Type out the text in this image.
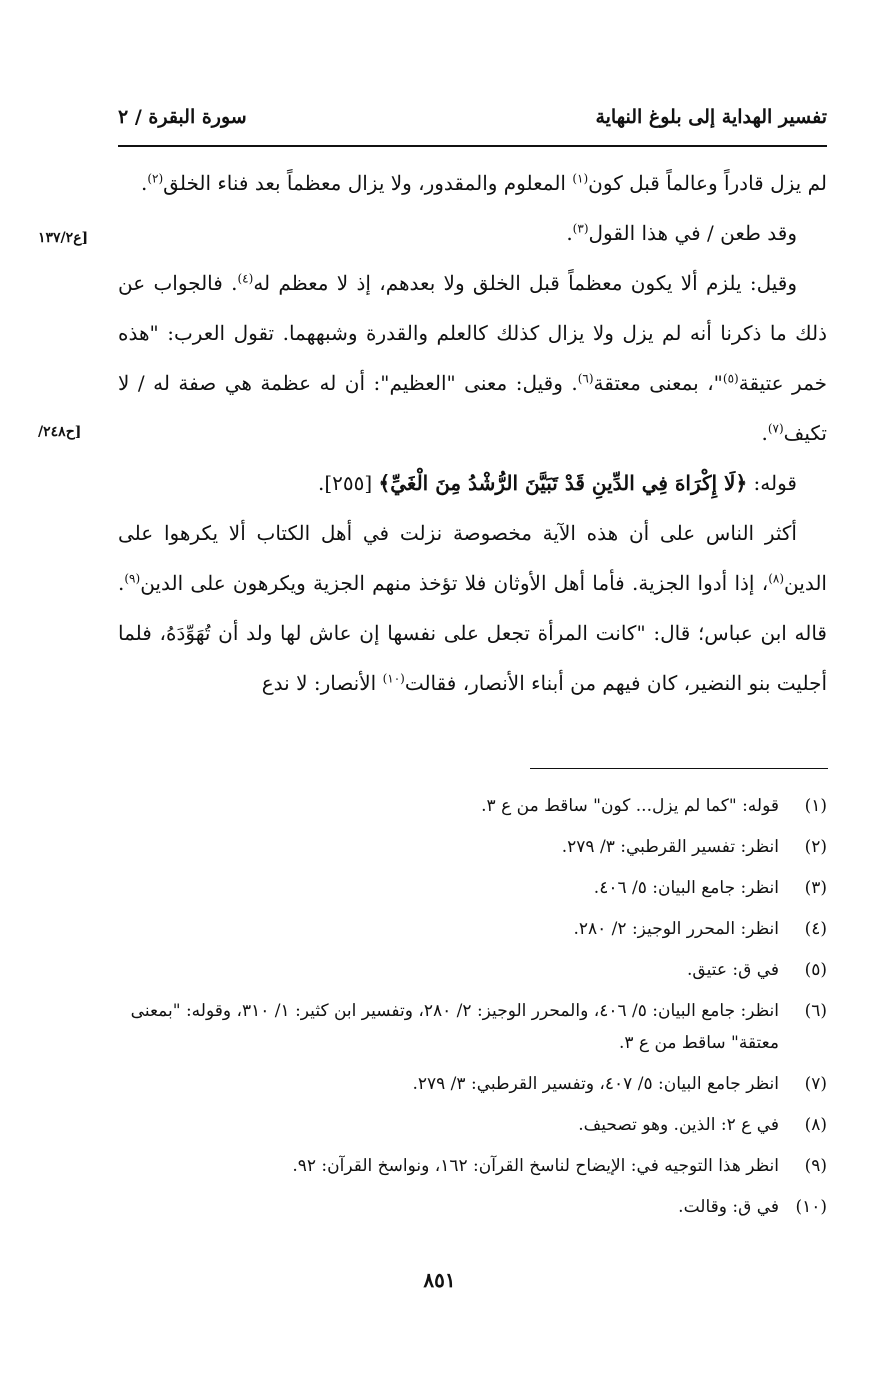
تفسير الهداية إلى بلوغ النهاية
سورة البقرة / ٢
[ع١٣٧/٢
[ح٢٤٨/

لم يزل قادراً وعالماً قبل كون$^{(١)}$ المعلوم والمقدور، ولا يزال معظماً بعد فناء الخلق$^{(٢)}$.

وقد طعن / في هذا القول$^{(٣)}$.

وقيل: يلزم ألا يكون معظماً قبل الخلق ولا بعدهم، إذ لا معظم له$^{(٤)}$. فالجواب عن ذلك ما ذكرنا أنه لم يزل ولا يزال كذلك كالعلم والقدرة وشبههما. تقول العرب: "هذه خمر عتيقة$^{(٥)}$"، بمعنى معتقة$^{(٦)}$. وقيل: معنى "العظيم": أن له عظمة هي صفة له / لا تكيف$^{(٧)}$.

قوله: ﴿لَا إِكْرَاهَ فِي الدِّينِ قَدْ تَبَيَّنَ الرُّشْدُ مِنَ الْغَيِّ﴾ [٢٥٥].

أكثر الناس على أن هذه الآية مخصوصة نزلت في أهل الكتاب ألا يكرهوا على الدين$^{(٨)}$، إذا أدوا الجزية. فأما أهل الأوثان فلا تؤخذ منهم الجزية ويكرهون على الدين$^{(٩)}$. قاله ابن عباس؛ قال: "كانت المرأة تجعل على نفسها إن عاش لها ولد أن تُهَوِّدَهُ، فلما أجليت بنو النضير، كان فيهم من أبناء الأنصار، فقالت$^{(١٠)}$ الأنصار: لا ندع

(١)
قوله: "كما لم يزل... كون" ساقط من ع ٣.
(٢)
انظر: تفسير القرطبي: ٣/ ٢٧٩.
(٣)
انظر: جامع البيان: ٥/ ٤٠٦.
(٤)
انظر: المحرر الوجيز: ٢/ ٢٨٠.
(٥)
في ق: عتيق.
(٦)
انظر: جامع البيان: ٥/ ٤٠٦، والمحرر الوجيز: ٢/ ٢٨٠، وتفسير ابن كثير: ١/ ٣١٠، وقوله: "بمعنى معتقة" ساقط من ع ٣.
(٧)
انظر جامع البيان: ٥/ ٤٠٧، وتفسير القرطبي: ٣/ ٢٧٩.
(٨)
في ع ٢: الذين. وهو تصحيف.
(٩)
انظر هذا التوجيه في: الإيضاح لناسخ القرآن: ١٦٢، ونواسخ القرآن: ٩٢.
(١٠)
في ق: وقالت.
٨٥١
